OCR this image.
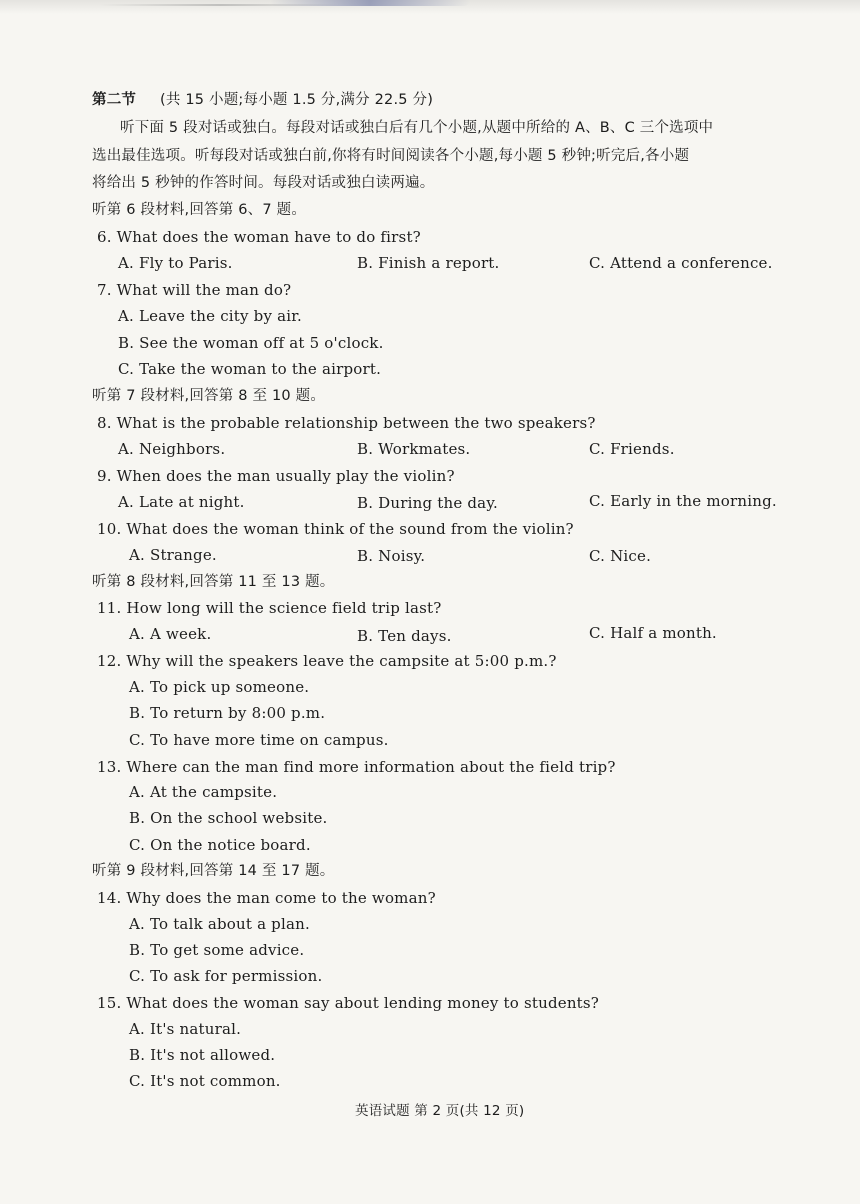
第二节 (共 15 小题;每小题 1.5 分,满分 22.5 分)
听下面 5 段对话或独白。每段对话或独白后有几个小题,从题中所给的 A、B、C 三个选项中
选出最佳选项。听每段对话或独白前,你将有时间阅读各个小题,每小题 5 秒钟;听完后,各小题
将给出 5 秒钟的作答时间。每段对话或独白读两遍。
听第 6 段材料,回答第 6、7 题。
6. What does the woman have to do first?
A. Fly to Paris.	B. Finish a report.	C. Attend a conference.
7. What will the man do?
A. Leave the city by air.
B. See the woman off at 5 o'clock.
C. Take the woman to the airport.
听第 7 段材料,回答第 8 至 10 题。
8. What is the probable relationship between the two speakers?
A. Neighbors.	B. Workmates.	C. Friends.
9. When does the man usually play the violin?
A. Late at night.	B. During the day.	C. Early in the morning.
10. What does the woman think of the sound from the violin?
A. Strange.	B. Noisy.	C. Nice.
听第 8 段材料,回答第 11 至 13 题。
11. How long will the science field trip last?
A. A week.	B. Ten days.	C. Half a month.
12. Why will the speakers leave the campsite at 5:00 p.m.?
A. To pick up someone.
B. To return by 8:00 p.m.
C. To have more time on campus.
13. Where can the man find more information about the field trip?
A. At the campsite.
B. On the school website.
C. On the notice board.
听第 9 段材料,回答第 14 至 17 题。
14. Why does the man come to the woman?
A. To talk about a plan.
B. To get some advice.
C. To ask for permission.
15. What does the woman say about lending money to students?
A. It's natural.
B. It's not allowed.
C. It's not common.
英语试题 第 2 页(共 12 页)
